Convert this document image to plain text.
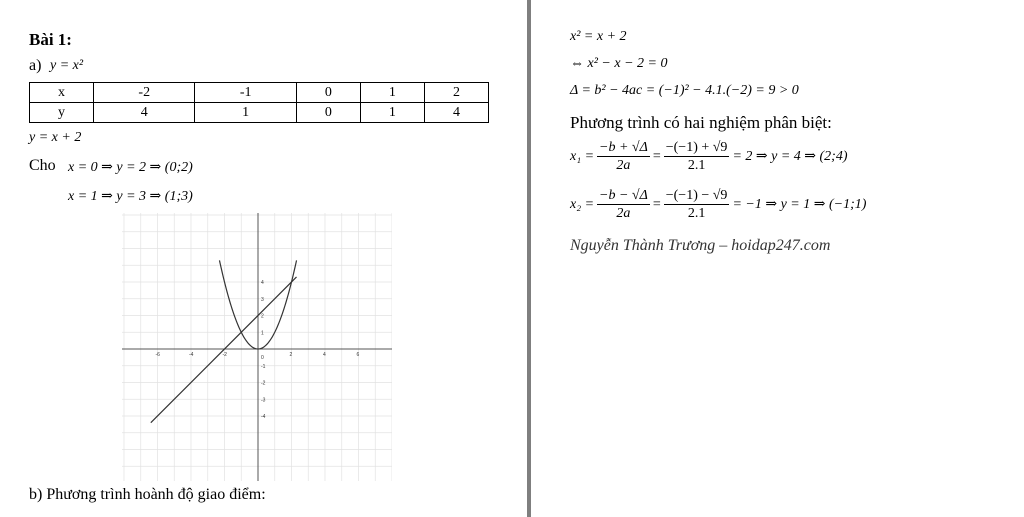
Bài 1:
a) y = x²
x	-2	-1	0	1	2
y	4	1	0	1	4
y = x + 2
Cho x = 0 ⇒ y = 2 ⇒ (0;2)
x = 1 ⇒ y = 3 ⇒ (1;3)
-6	-4	-2	2	4	6
4
3
2
1
-1
-2
-3
-4
0
b) Phương trình hoành độ giao điểm:
x² = x + 2
⇔ x² − x − 2 = 0
Δ = b² − 4ac = (−1)² − 4.1.(−2) = 9 > 0
Phương trình có hai nghiệm phân biệt:
$x_1 = \frac{-b + √\Delta}{2a} = \frac{-(-1) + √9}{2.1} = 2$ ⇒ y = 4 ⇒ (2;4)
$x_2 = \frac{-b - √\Delta}{2a} = \frac{-(-1) - √9}{2.1} = -1$ ⇒ y = 1 ⇒ (−1;1)
Nguyễn Thành Trương – hoidap247.com
